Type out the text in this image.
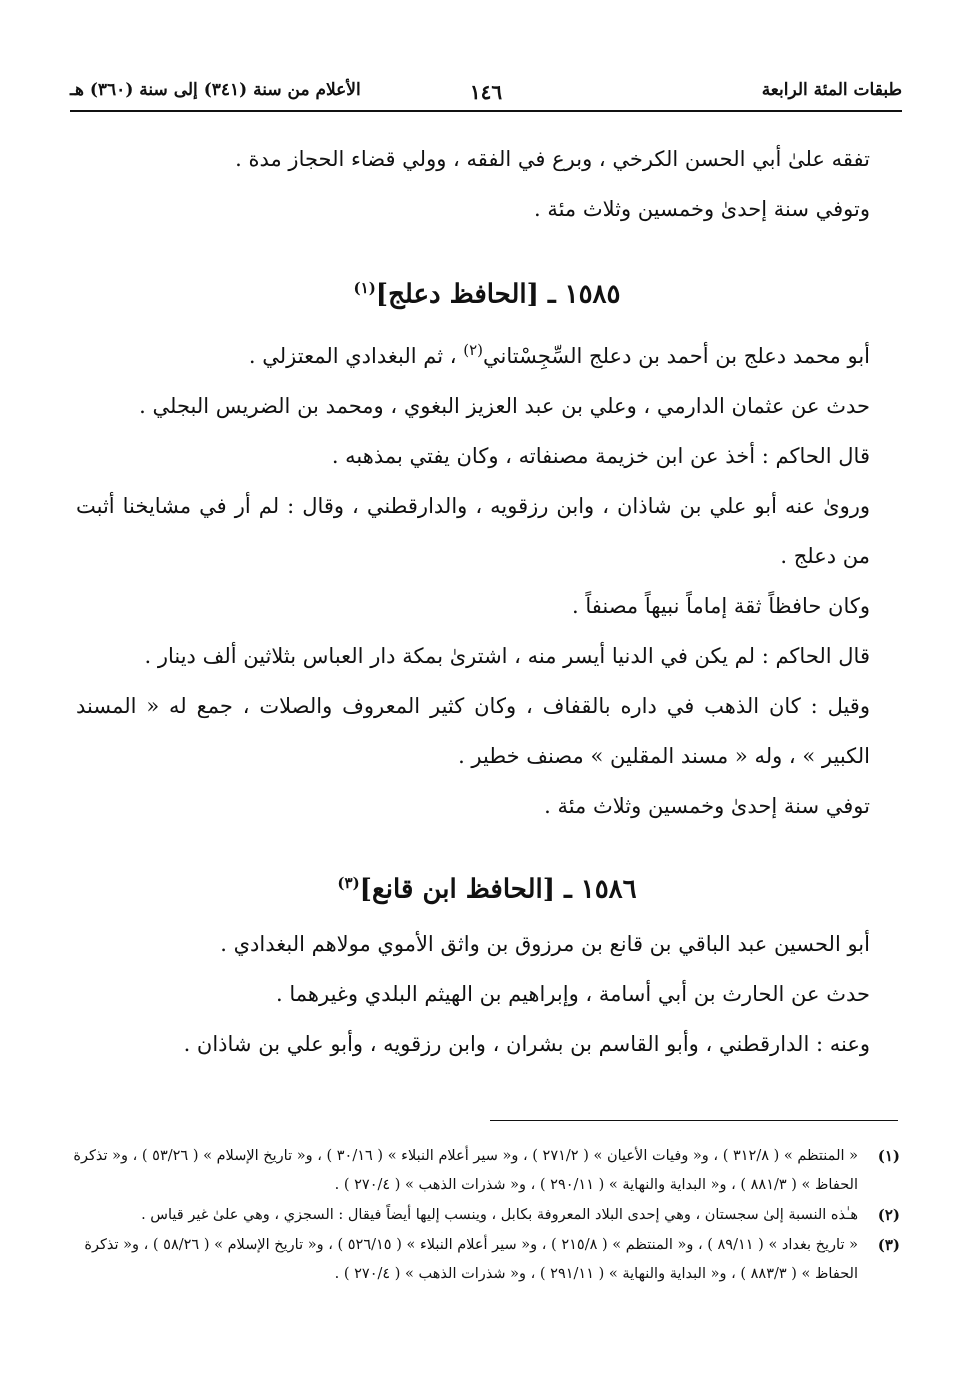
طبقات المئة الرابعة
١٤٦
الأعلام من سنة (٣٤١) إلى سنة (٣٦٠) هـ

تفقه علىٰ أبي الحسن الكرخي ، وبرع في الفقه ، وولي قضاء الحجاز مدة .

وتوفي سنة إحدىٰ وخمسين وثلاث مئة .

١٥٨٥ ـ [الحافظ دعلج]$^{(١)}$

أبو محمد دعلج بن أحمد بن دعلج السِّجِسْتاني$^{(٢)}$ ، ثم البغدادي المعتزلي .

حدث عن عثمان الدارمي ، وعلي بن عبد العزيز البغوي ، ومحمد بن الضريس البجلي .

قال الحاكم : أخذ عن ابن خزيمة مصنفاته ، وكان يفتي بمذهبه .

وروىٰ عنه أبو علي بن شاذان ، وابن رزقويه ، والدارقطني ، وقال : لم أر في مشايخنا أثبت من دعلج .

وكان حافظاً ثقة إماماً نبيهاً مصنفاً .

قال الحاكم : لم يكن في الدنيا أيسر منه ، اشترىٰ بمكة دار العباس بثلاثين ألف دينار .

وقيل : كان الذهب في داره بالقفاف ، وكان كثير المعروف والصلات ، جمع له « المسند الكبير » ، وله « مسند المقلين » مصنف خطير .

توفي سنة إحدىٰ وخمسين وثلاث مئة .

١٥٨٦ ـ [الحافظ ابن قانع]$^{(٣)}$

أبو الحسين عبد الباقي بن قانع بن مرزوق بن واثق الأموي مولاهم البغدادي .

حدث عن الحارث بن أبي أسامة ، وإبراهيم بن الهيثم البلدي وغيرهما .

وعنه : الدارقطني ، وأبو القاسم بن بشران ، وابن رزقويه ، وأبو علي بن شاذان .

(١)
« المنتظم » ( ٣١٢/٨ ) ، و« وفيات الأعيان » ( ٢٧١/٢ ) ، و« سير أعلام النبلاء » ( ٣٠/١٦ ) ، و« تاريخ الإسلام » ( ٥٣/٢٦ ) ، و« تذكرة الحفاظ » ( ٨٨١/٣ ) ، و« البداية والنهاية » ( ٢٩٠/١١ ) ، و« شذرات الذهب » ( ٢٧٠/٤ ) .
(٢)
هـٰذه النسبة إلىٰ سجستان ، وهي إحدى البلاد المعروفة بكابل ، وينسب إليها أيضاً فيقال : السجزي ، وهي علىٰ غير قياس .
(٣)
« تاريخ بغداد » ( ٨٩/١١ ) ، و« المنتظم » ( ٢١٥/٨ ) ، و« سير أعلام النبلاء » ( ٥٢٦/١٥ ) ، و« تاريخ الإسلام » ( ٥٨/٢٦ ) ، و« تذكرة الحفاظ » ( ٨٨٣/٣ ) ، و« البداية والنهاية » ( ٢٩١/١١ ) ، و« شذرات الذهب » ( ٢٧٠/٤ ) .
